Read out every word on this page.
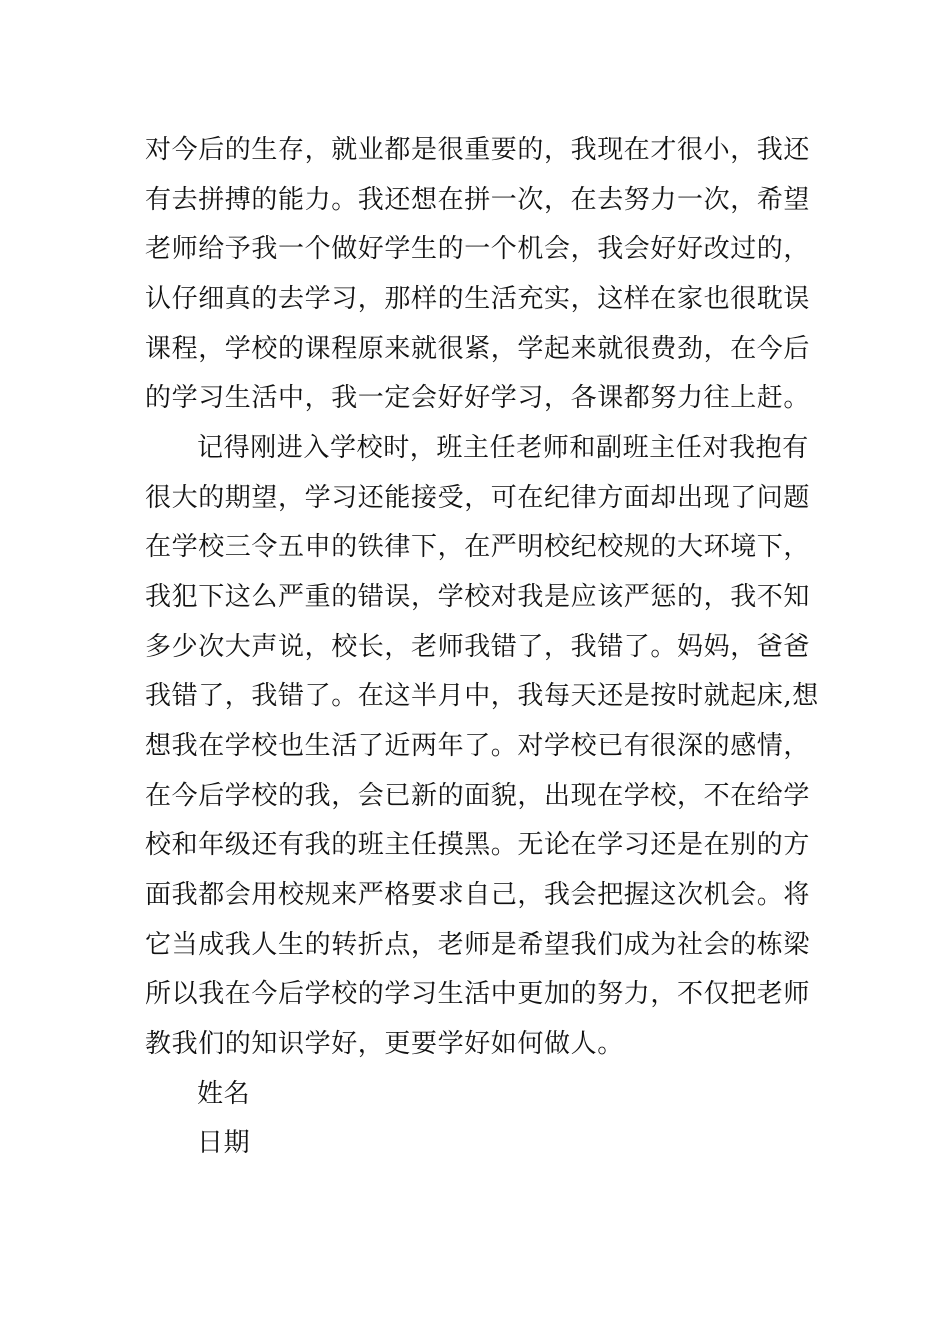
对今后的生存，就业都是很重要的，我现在才很小，我还
有去拼搏的能力。我还想在拼一次，在去努力一次，希望
老师给予我一个做好学生的一个机会，我会好好改过的，
认仔细真的去学习，那样的生活充实，这样在家也很耽误
课程，学校的课程原来就很紧，学起来就很费劲，在今后
的学习生活中，我一定会好好学习，各课都努力往上赶。
记得刚进入学校时，班主任老师和副班主任对我抱有
很大的期望，学习还能接受，可在纪律方面却出现了问题
在学校三令五申的铁律下，在严明校纪校规的大环境下，
我犯下这么严重的错误，学校对我是应该严惩的，我不知
多少次大声说，校长，老师我错了，我错了。妈妈，爸爸
我错了，我错了。在这半月中，我每天还是按时就起床,想
想我在学校也生活了近两年了。对学校已有很深的感情，
在今后学校的我，会已新的面貌，出现在学校，不在给学
校和年级还有我的班主任摸黑。无论在学习还是在别的方
面我都会用校规来严格要求自己，我会把握这次机会。将
它当成我人生的转折点，老师是希望我们成为社会的栋梁
所以我在今后学校的学习生活中更加的努力，不仅把老师
教我们的知识学好，更要学好如何做人。
姓名
日期
